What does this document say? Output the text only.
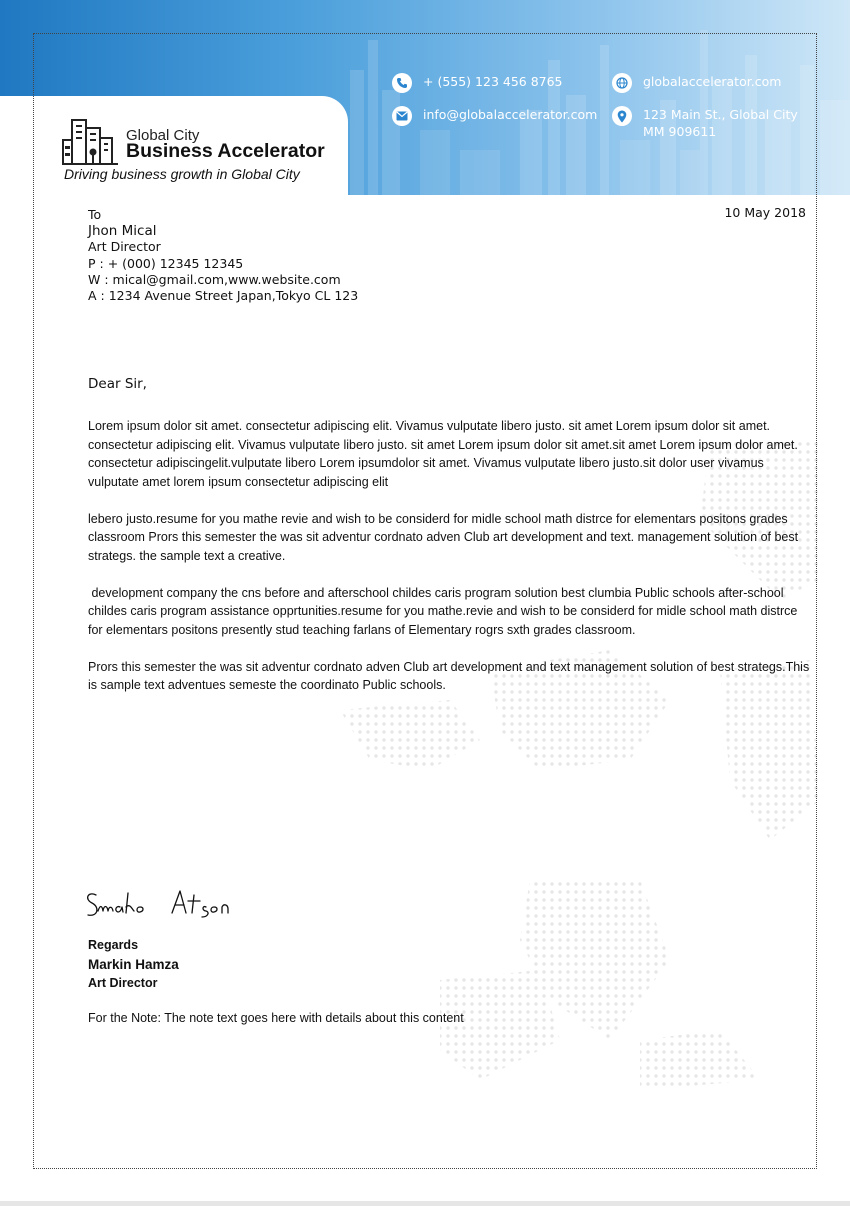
+ (555) 123 456 8765
info@globalaccelerator.com
globalaccelerator.com
123 Main St., Global City
MM 909611
Global City
Business Accelerator
Driving business growth in Global City
10 May 2018
To
Jhon Mical
Art Director
P : + (000) 12345 12345
W : mical@gmail.com,www.website.com
A : 1234 Avenue Street Japan,Tokyo CL 123
Dear Sir,

Lorem ipsum dolor sit amet. consectetur adipiscing elit. Vivamus vulputate libero justo. sit amet Lorem ipsum dolor sit amet. consectetur adipiscing elit. Vivamus vulputate libero justo. sit amet Lorem ipsum dolor sit amet.sit amet Lorem ipsum dolor amet. consectetur adipiscingelit.vulputate libero Lorem ipsumdolor sit amet. Vivamus vulputate libero justo.sit dolor user vivamus vulputate amet lorem ipsum consectetur adipiscing elit

lebero justo.resume for you mathe revie and wish to be considerd for midle school math distrce for elementars positons grades classroom Prors this semester the was sit adventur cordnato adven Club art development and text. management solution of best strategs. the sample text a creative.

development company the cns before and afterschool childes caris program solution best clumbia Public schools after-school childes caris program assistance opprtunities.resume for you mathe.revie and wish to be considerd for midle school math distrce for elementars positons presently stud teaching farlans of Elementary rogrs sxth grades classroom.

Prors this semester the was sit adventur cordnato adven Club art development and text management solution of best strategs.This is sample text adventues semeste the coordinato Public schools.

Regards
Markin Hamza
Art Director
For the Note: The note text goes here with details about this content
